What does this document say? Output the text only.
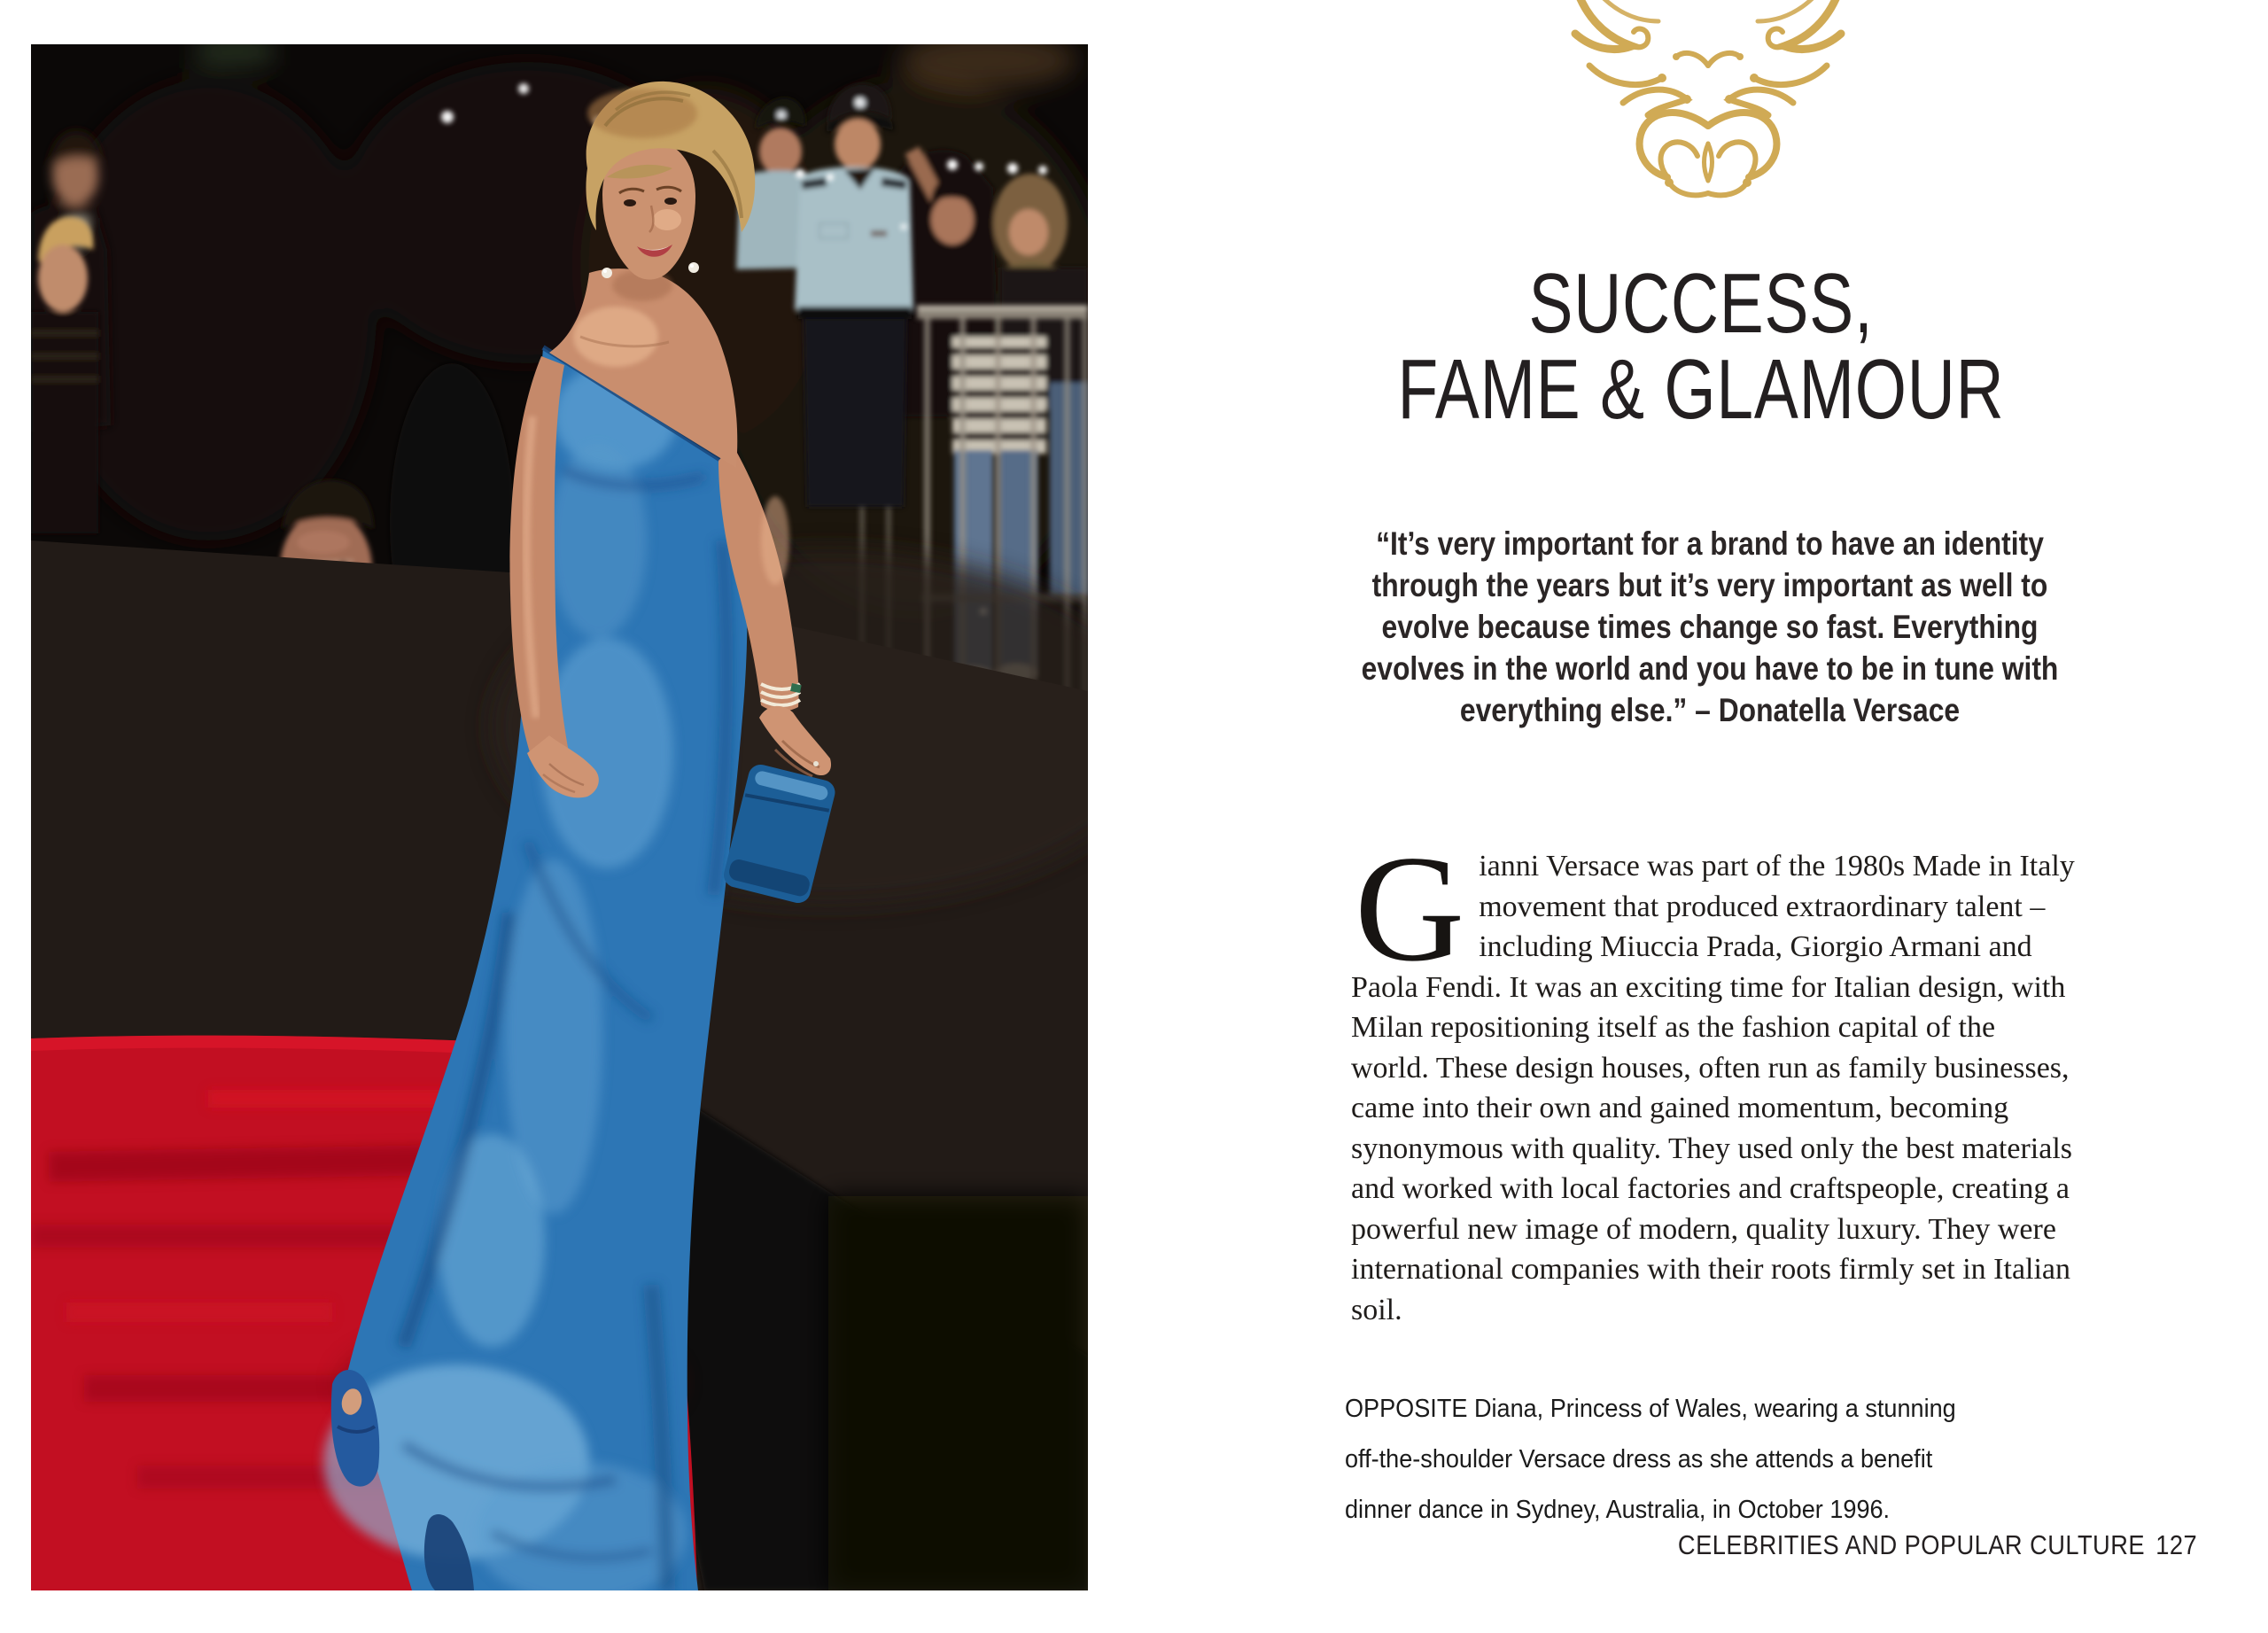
SUCCESS,
FAME & GLAMOUR
“It’s very important for a brand to have an identity
through the years but it’s very important as well to
evolve because times change so fast. Everything
evolves in the world and you have to be in tune with
everything else.” – Donatella Versace
Gianni Versace was part of the 1980s Made in Italy movement that produced extraordinary talent – including Miuccia Prada, Giorgio Armani and Paola Fendi. It was an exciting time for Italian design, with Milan repositioning itself as the fashion capital of the world. These design houses, often run as family businesses, came into their own and gained momentum, becoming synonymous with quality. They used only the best materials and worked with local factories and craftspeople, creating a powerful new image of modern, quality luxury. They were international companies with their roots firmly set in Italian soil.
OPPOSITE Diana, Princess of Wales, wearing a stunning
off-the-shoulder Versace dress as she attends a benefit
dinner dance in Sydney, Australia, in October 1996.
CELEBRITIES AND POPULAR CULTURE 127
